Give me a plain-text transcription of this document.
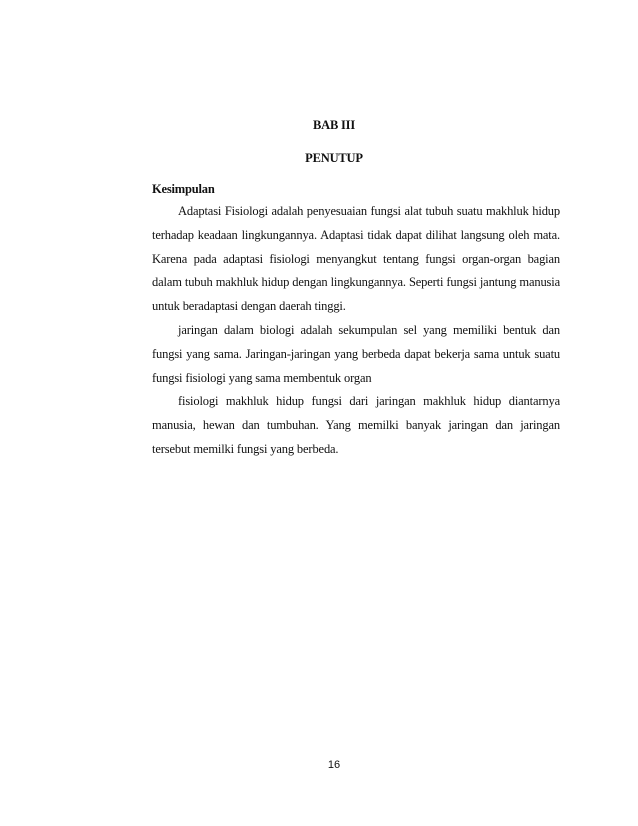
BAB III
PENUTUP
Kesimpulan

Adaptasi Fisiologi adalah penyesuaian fungsi alat tubuh suatu makhluk hidup terhadap keadaan lingkungannya. Adaptasi tidak dapat dilihat langsung oleh mata. Karena pada adaptasi fisiologi menyangkut tentang fungsi organ-organ bagian dalam tubuh makhluk hidup dengan lingkungannya. Seperti fungsi jantung manusia untuk beradaptasi dengan daerah tinggi.

jaringan dalam biologi adalah sekumpulan sel yang memiliki bentuk dan fungsi yang sama. Jaringan-jaringan yang berbeda dapat bekerja sama untuk suatu fungsi fisiologi yang sama membentuk organ

fisiologi makhluk hidup fungsi dari jaringan makhluk hidup diantarnya manusia, hewan dan tumbuhan. Yang memilki banyak jaringan dan jaringan tersebut memilki fungsi yang berbeda.

16
